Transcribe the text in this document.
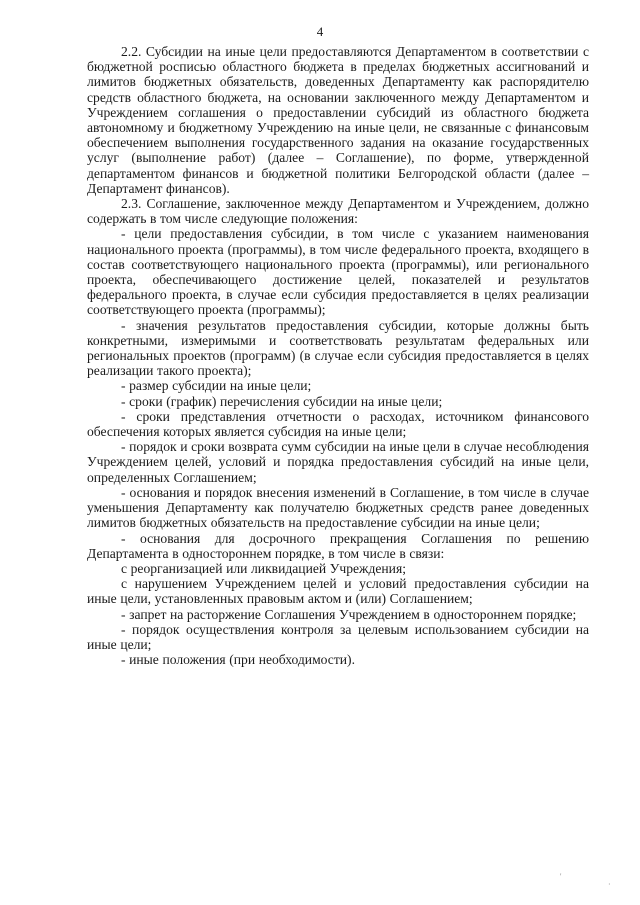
4

2.2. Субсидии на иные цели предоставляются Департаментом в соответствии с бюджетной росписью областного бюджета в пределах бюджетных ассигнований и лимитов бюджетных обязательств, доведенных Департаменту как распорядителю средств областного бюджета, на основании заключенного между Департаментом и Учреждением соглашения о предоставлении субсидий из областного бюджета автономному и бюджетному Учреждению на иные цели, не связанные с финансовым обеспечением выполнения государственного задания на оказание государственных услуг (выполнение работ) (далее – Соглашение), по форме, утвержденной департаментом финансов и бюджетной политики Белгородской области (далее – Департамент финансов).

2.3. Соглашение, заключенное между Департаментом и Учреждением, должно содержать в том числе следующие положения:

- цели предоставления субсидии, в том числе с указанием наименования национального проекта (программы), в том числе федерального проекта, входящего в состав соответствующего национального проекта (программы), или регионального проекта, обеспечивающего достижение целей, показателей и результатов федерального проекта, в случае если субсидия предоставляется в целях реализации соответствующего проекта (программы);

- значения результатов предоставления субсидии, которые должны быть конкретными, измеримыми и соответствовать результатам федеральных или региональных проектов (программ) (в случае если субсидия предоставляется в целях реализации такого проекта);

- размер субсидии на иные цели;

- сроки (график) перечисления субсидии на иные цели;

- сроки представления отчетности о расходах, источником финансового обеспечения которых является субсидия на иные цели;

- порядок и сроки возврата сумм субсидии на иные цели в случае несоблюдения Учреждением целей, условий и порядка предоставления субсидий на иные цели, определенных Соглашением;

- основания и порядок внесения изменений в Соглашение, в том числе в случае уменьшения Департаменту как получателю бюджетных средств ранее доведенных лимитов бюджетных обязательств на предоставление субсидии на иные цели;

- основания для досрочного прекращения Соглашения по решению Департамента в одностороннем порядке, в том числе в связи:

с реорганизацией или ликвидацией Учреждения;

с нарушением Учреждением целей и условий предоставления субсидии на иные цели, установленных правовым актом и (или) Соглашением;

- запрет на расторжение Соглашения Учреждением в одностороннем порядке;

- порядок осуществления контроля за целевым использованием субсидии на иные цели;

- иные положения (при необходимости).

'
·
